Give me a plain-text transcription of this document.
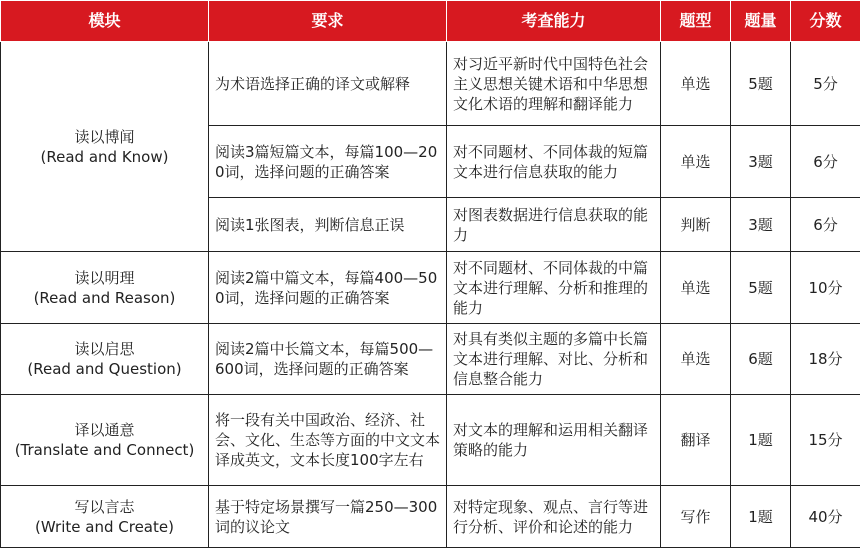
模块	要求	考查能力	题型	题量	分数
读以博闻
(Read and Know)	为术语选择正确的译文或解释	对习近平新时代中国特色社会主义思想关键术语和中华思想文化术语的理解和翻译能力	单选	5题	5分
	阅读3篇短篇文本，每篇100—200词，选择问题的正确答案	对不同题材、不同体裁的短篇文本进行信息获取的能力	单选	3题	6分
	阅读1张图表，判断信息正误	对图表数据进行信息获取的能力	判断	3题	6分
读以明理
(Read and Reason)	阅读2篇中篇文本，每篇400—500词，选择问题的正确答案	对不同题材、不同体裁的中篇文本进行理解、分析和推理的能力	单选	5题	10分
读以启思
(Read and Question)	阅读2篇中长篇文本，每篇500—600词，选择问题的正确答案	对具有类似主题的多篇中长篇文本进行理解、对比、分析和信息整合能力	单选	6题	18分
译以通意
(Translate and Connect)	将一段有关中国政治、经济、社会、文化、生态等方面的中文文本译成英文，文本长度100字左右	对文本的理解和运用相关翻译策略的能力	翻译	1题	15分
写以言志
(Write and Create)	基于特定场景撰写一篇250—300词的议论文	对特定现象、观点、言行等进行分析、评价和论述的能力	写作	1题	40分
